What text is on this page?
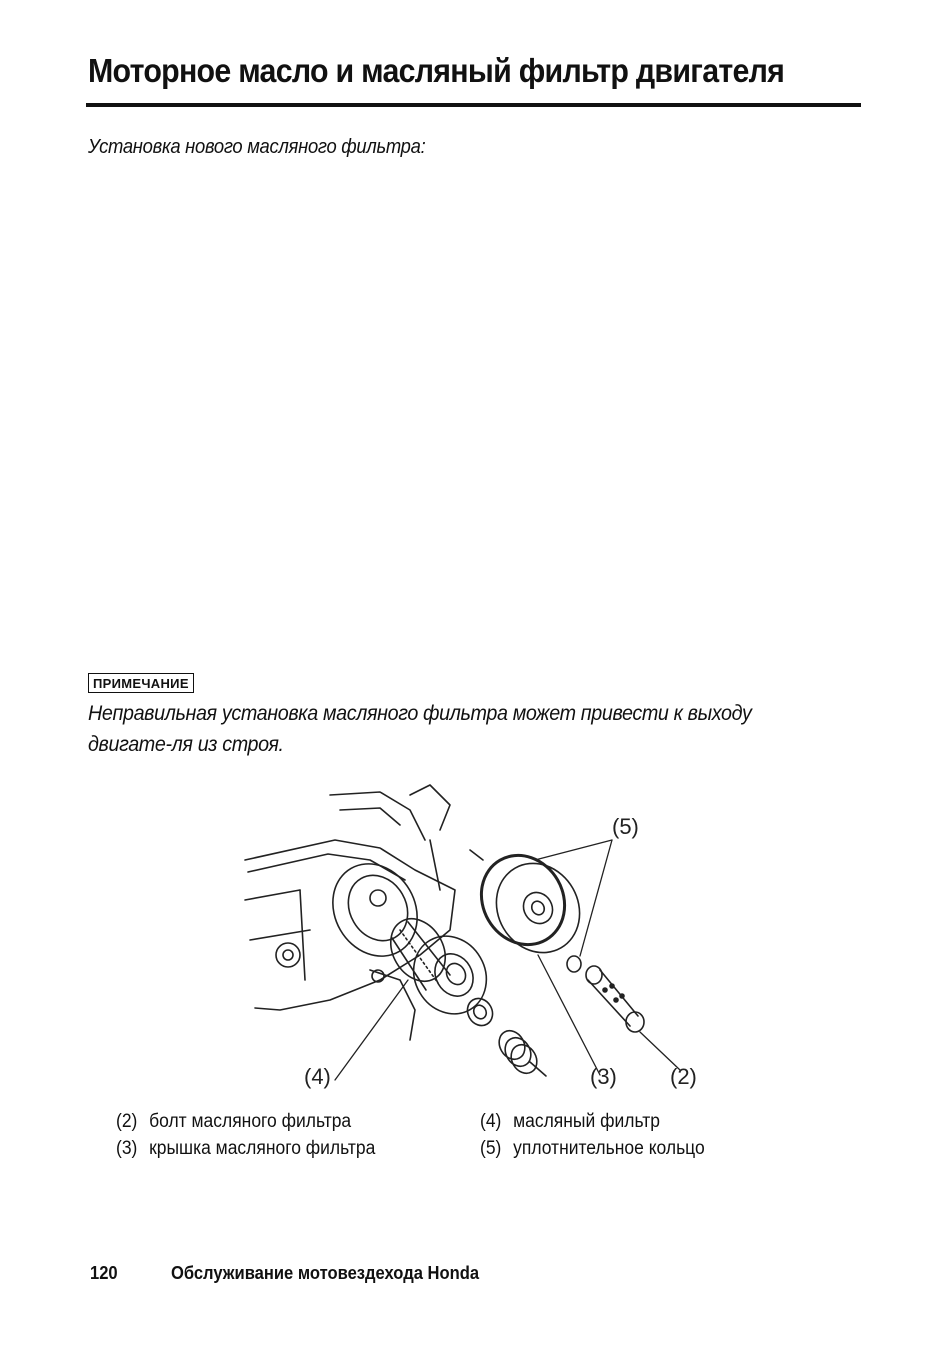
Моторное масло и масляный фильтр двигателя
Установка нового масляного фильтра:
ПРИМЕЧАНИЕ
Неправильная установка масляного фильтра может привести к выходу двигате-ля из строя.
(5)
(4)	(3) (2)
(2) болт масляного фильтра
(3) крышка масляного фильтра
(4) масляный фильтр
(5) уплотнительное кольцо
120	Обслуживание мотовездехода Honda
